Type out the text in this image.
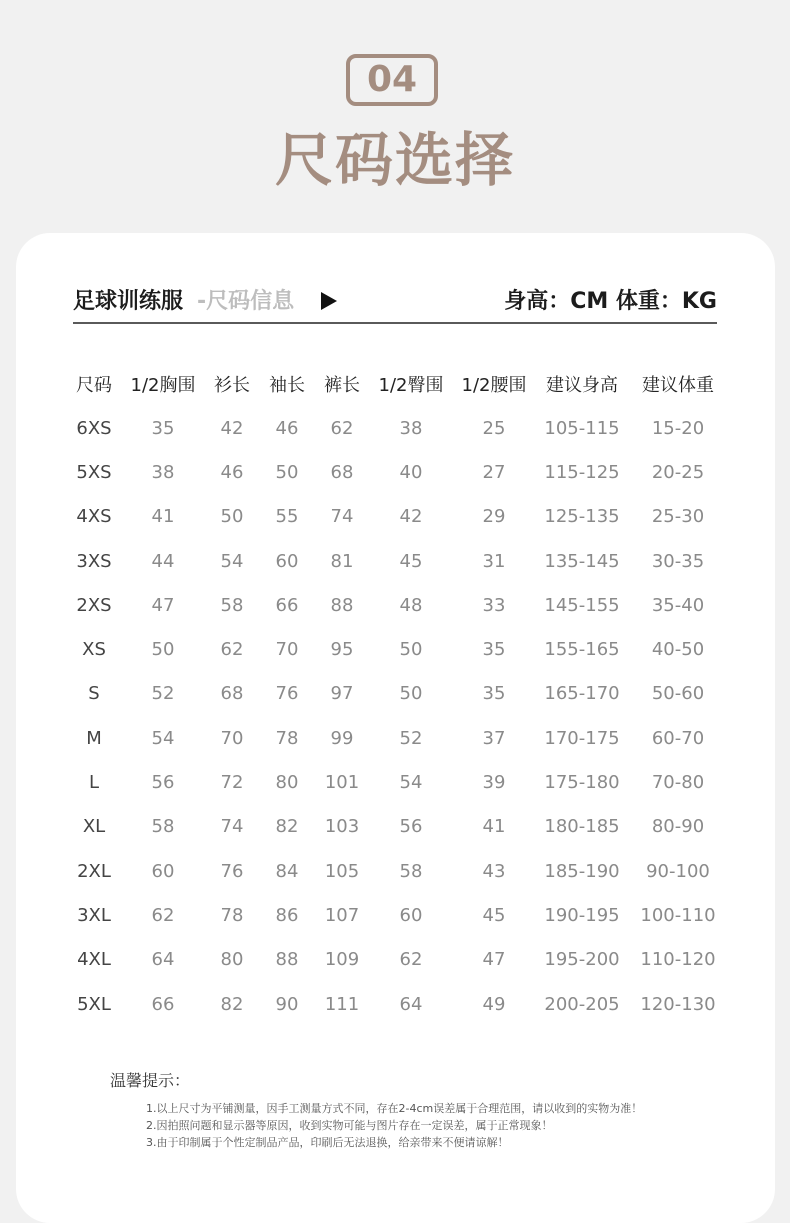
04
尺码选择
足球训练服 -尺码信息	身高：CM 体重：KG
尺码	1/2胸围	衫长	袖长	裤长	1/2臀围	1/2腰围	建议身高	建议体重
6XS	35	42	46	62	38	25	105-115	15-20
5XS	38	46	50	68	40	27	115-125	20-25
4XS	41	50	55	74	42	29	125-135	25-30
3XS	44	54	60	81	45	31	135-145	30-35
2XS	47	58	66	88	48	33	145-155	35-40
XS	50	62	70	95	50	35	155-165	40-50
S	52	68	76	97	50	35	165-170	50-60
M	54	70	78	99	52	37	170-175	60-70
L	56	72	80	101	54	39	175-180	70-80
XL	58	74	82	103	56	41	180-185	80-90
2XL	60	76	84	105	58	43	185-190	90-100
3XL	62	78	86	107	60	45	190-195	100-110
4XL	64	80	88	109	62	47	195-200	110-120
5XL	66	82	90	111	64	49	200-205	120-130
温馨提示：
1.以上尺寸为平铺测量，因手工测量方式不同，存在2-4cm误差属于合理范围，请以收到的实物为准！
2.因拍照问题和显示器等原因，收到实物可能与图片存在一定误差，属于正常现象！
3.由于印制属于个性定制品产品，印刷后无法退换，给亲带来不便请谅解！
